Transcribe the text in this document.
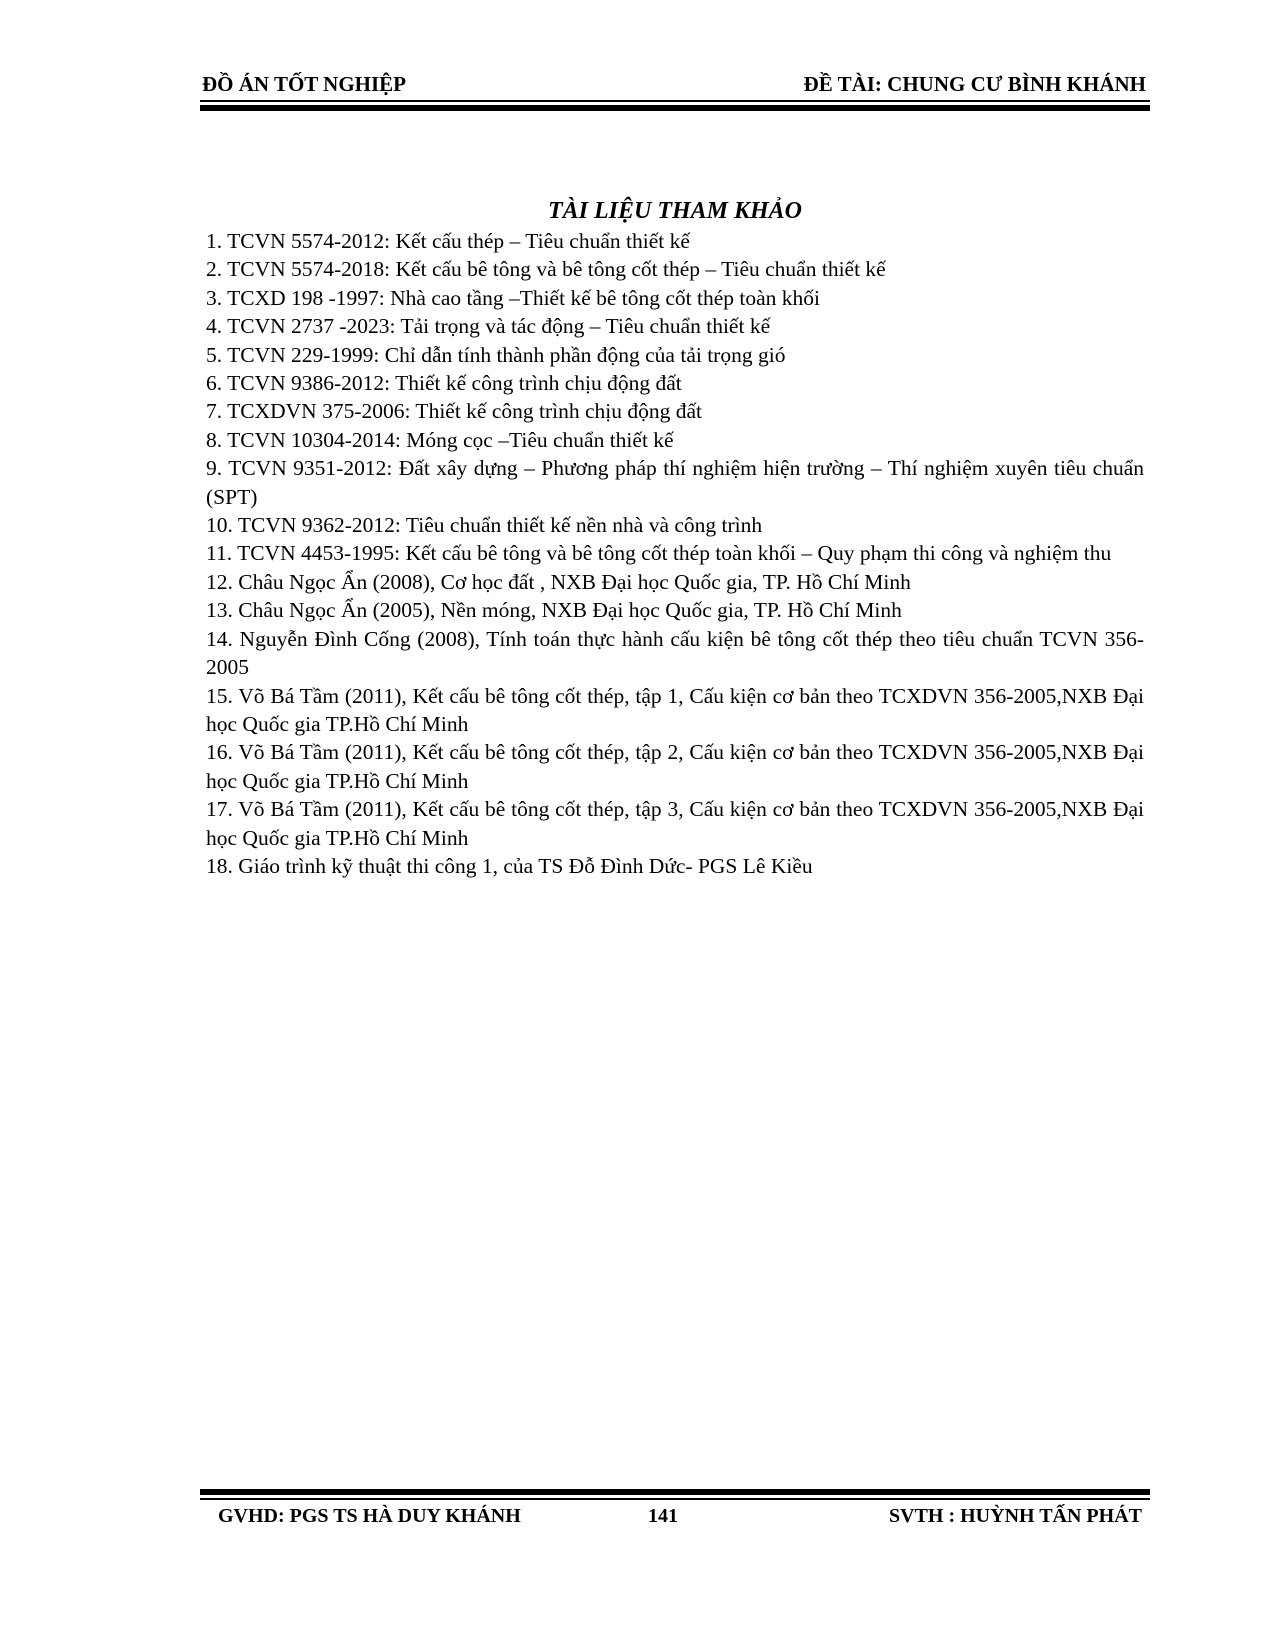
ĐỒ ÁN TỐT NGHIỆP	ĐỀ TÀI: CHUNG CƯ BÌNH KHÁNH
TÀI LIỆU THAM KHẢO
1. TCVN 5574-2012: Kết cấu thép – Tiêu chuẩn thiết kế
2. TCVN 5574-2018: Kết cấu bê tông và bê tông cốt thép – Tiêu chuẩn thiết kế
3. TCXD 198 -1997: Nhà cao tầng –Thiết kế bê tông cốt thép toàn khối
4. TCVN 2737 -2023: Tải trọng và tác động – Tiêu chuẩn thiết kế
5. TCVN 229-1999: Chỉ dẫn tính thành phần động của tải trọng gió
6. TCVN 9386-2012: Thiết kế công trình chịu động đất
7. TCXDVN 375-2006: Thiết kế công trình chịu động đất
8. TCVN 10304-2014: Móng cọc –Tiêu chuẩn thiết kế
9. TCVN 9351-2012: Đất xây dựng – Phương pháp thí nghiệm hiện trường – Thí nghiệm xuyên tiêu chuẩn (SPT)
10. TCVN 9362-2012: Tiêu chuẩn thiết kế nền nhà và công trình
11. TCVN 4453-1995: Kết cấu bê tông và bê tông cốt thép toàn khối – Quy phạm thi công và nghiệm thu
12. Châu Ngọc Ẩn (2008), Cơ học đất , NXB Đại học Quốc gia, TP. Hồ Chí Minh
13. Châu Ngọc Ẩn (2005), Nền móng, NXB Đại học Quốc gia, TP. Hồ Chí Minh
14. Nguyễn Đình Cống (2008), Tính toán thực hành cấu kiện bê tông cốt thép theo tiêu chuẩn TCVN 356-2005
15. Võ Bá Tầm (2011), Kết cấu bê tông cốt thép, tập 1, Cấu kiện cơ bản theo TCXDVN 356-2005,NXB Đại học Quốc gia TP.Hồ Chí Minh
16. Võ Bá Tầm (2011), Kết cấu bê tông cốt thép, tập 2, Cấu kiện cơ bản theo TCXDVN 356-2005,NXB Đại học Quốc gia TP.Hồ Chí Minh
17. Võ Bá Tầm (2011), Kết cấu bê tông cốt thép, tập 3, Cấu kiện cơ bản theo TCXDVN 356-2005,NXB Đại học Quốc gia TP.Hồ Chí Minh
18. Giáo trình kỹ thuật thi công 1, của TS Đỗ Đình Dức- PGS Lê Kiều
GVHD: PGS TS HÀ DUY KHÁNH	141	SVTH : HUỲNH TẤN PHÁT
